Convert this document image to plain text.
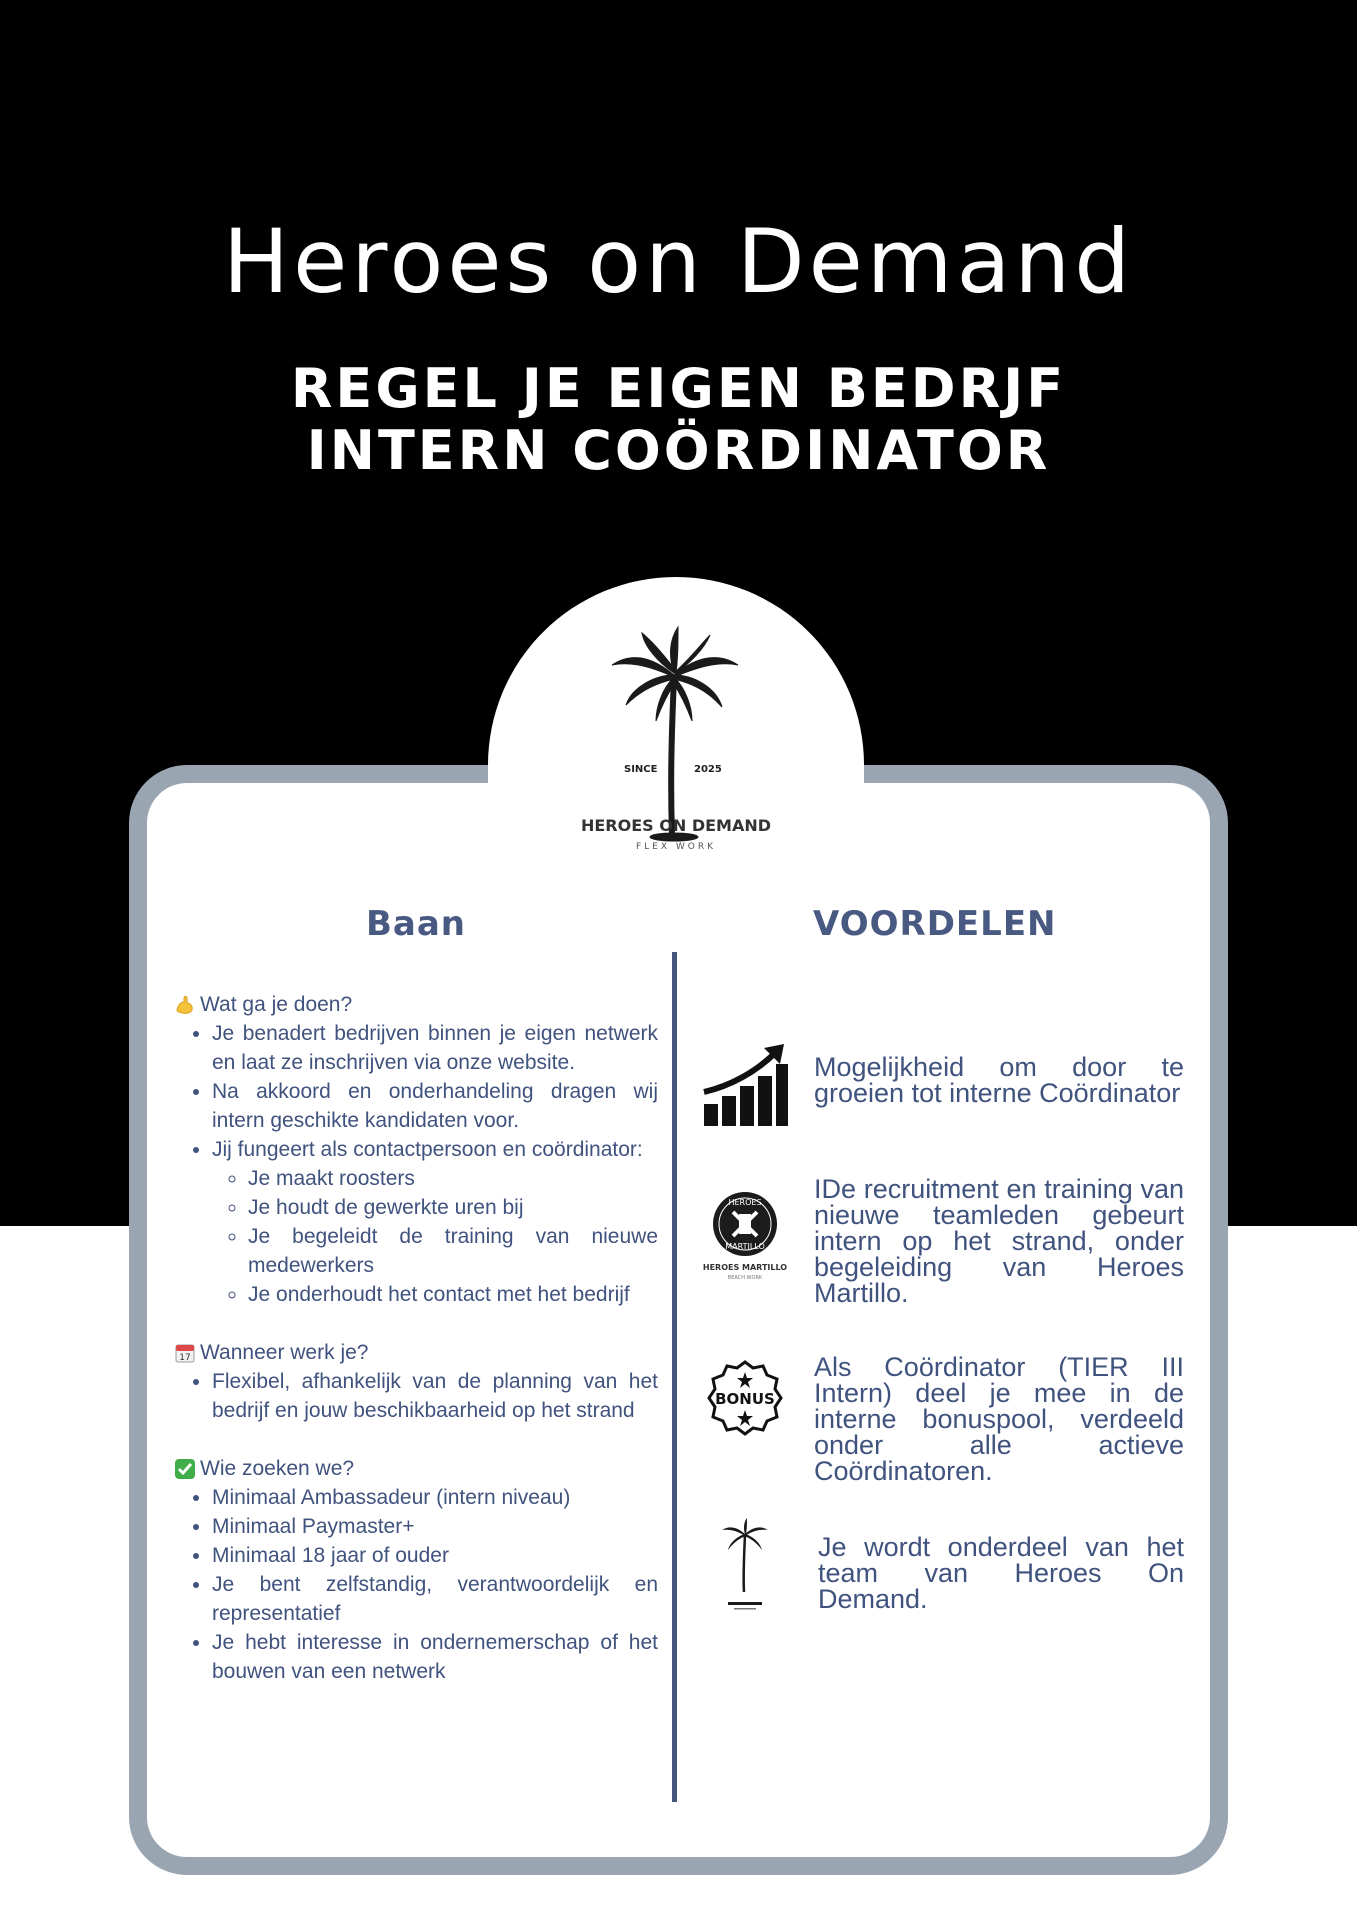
Heroes on Demand
REGEL JE EIGEN BEDRJF
INTERN COÖRDINATOR
SINCE	2025
HEROES ON DEMAND
FLEX WORK
Baan	VOORDELEN
Wat ga je doen?
• Je benadert bedrijven binnen je eigen netwerk en laat ze inschrijven via onze website.
• Na akkoord en onderhandeling dragen wij intern geschikte kandidaten voor.
• Jij fungeert als contactpersoon en coördinator:
◦ Je maakt roosters
◦ Je houdt de gewerkte uren bij
◦ Je begeleidt de training van nieuwe medewerkers
◦ Je onderhoudt het contact met het bedrijf
17 Wanneer werk je?
• Flexibel, afhankelijk van de planning van het bedrijf en jouw beschikbaarheid op het strand
Wie zoeken we?
• Minimaal Ambassadeur (intern niveau)
• Minimaal Paymaster+
• Minimaal 18 jaar of ouder
• Je bent zelfstandig, verantwoordelijk en representatief
• Je hebt interesse in ondernemerschap of het bouwen van een netwerk
Mogelijkheid om door te groeien tot interne Coördinator
HEROES
MARTILLO
HEROES MARTILLO
BEACH WORK
IDe recruitment en training van nieuwe teamleden gebeurt intern op het strand, onder begeleiding van Heroes Martillo.
BONUS
Als Coördinator (TIER III Intern) deel je mee in de interne bonuspool, verdeeld onder alle actieve Coördinatoren.
Je wordt onderdeel van het team van Heroes On Demand.
